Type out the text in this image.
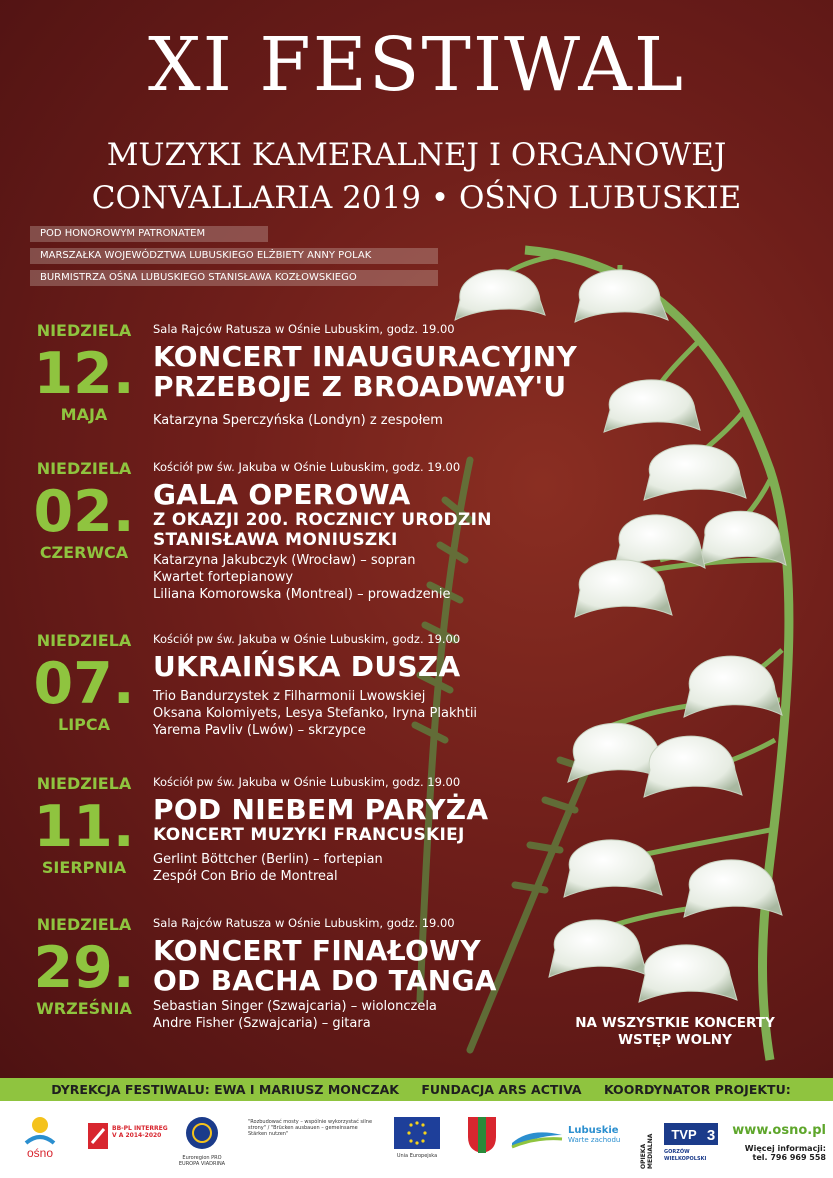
XI FESTIWAL
MUZYKI KAMERALNEJ I ORGANOWEJ
CONVALLARIA 2019 • OŚNO LUBUSKIE
POD HONOROWYM PATRONATEM
MARSZAŁKA WOJEWÓDZTWA LUBUSKIEGO ELŻBIETY ANNY POLAK
BURMISTRZA OŚNA LUBUSKIEGO STANISŁAWA KOZŁOWSKIEGO
NIEDZIELA
12.
MAJA
Sala Rajców Ratusza w Ośnie Lubuskim, godz. 19.00
KONCERT INAUGURACYJNY
PRZEBOJE Z BROADWAY'U
Katarzyna Sperczyńska (Londyn) z zespołem
NIEDZIELA
02.
CZERWCA
Kościół pw św. Jakuba w Ośnie Lubuskim, godz. 19.00
GALA OPEROWA
Z OKAZJI 200. ROCZNICY URODZIN
STANISŁAWA MONIUSZKI
Katarzyna Jakubczyk (Wrocław) – sopran
Kwartet fortepianowy
Liliana Komorowska (Montreal) – prowadzenie
NIEDZIELA
07.
LIPCA
Kościół pw św. Jakuba w Ośnie Lubuskim, godz. 19.00
UKRAIŃSKA DUSZA
Trio Bandurzystek z Filharmonii Lwowskiej
Oksana Kolomiyets, Lesya Stefanko, Iryna Plakhtii
Yarema Pavliv (Lwów) – skrzypce
NIEDZIELA
11.
SIERPNIA
Kościół pw św. Jakuba w Ośnie Lubuskim, godz. 19.00
POD NIEBEM PARYŻA
KONCERT MUZYKI FRANCUSKIEJ
Gerlint Böttcher (Berlin) – fortepian
Zespół Con Brio de Montreal
NIEDZIELA
29.
WRZEŚNIA
Sala Rajców Ratusza w Ośnie Lubuskim, godz. 19.00
KONCERT FINAŁOWY
OD BACHA DO TANGA
Sebastian Singer (Szwajcaria) – wiolonczela
Andre Fisher (Szwajcaria) – gitara	NA WSZYSTKIE KONCERTY
WSTĘP WOLNY
DYREKCJA FESTIWALU: EWA I MARIUSZ MONCZAK FUNDACJA ARS ACTIVA KOORDYNATOR PROJEKTU:
ośno
BB-PL INTERREG V A 2014-2020
Euroregion PRO EUROPA VIADRINA
"Rozbudować mosty – wspólnie wykorzystać silne strony" / "Brücken ausbauen – gemeinsame Stärken nutzen"
Unia Europejska
Lubuskie
Warte zachodu
OPIEKA MEDIALNA TVP 3
GORZÓW WIELKOPOLSKI
www.osno.pl
Więcej informacji:
tel. 796 969 558
